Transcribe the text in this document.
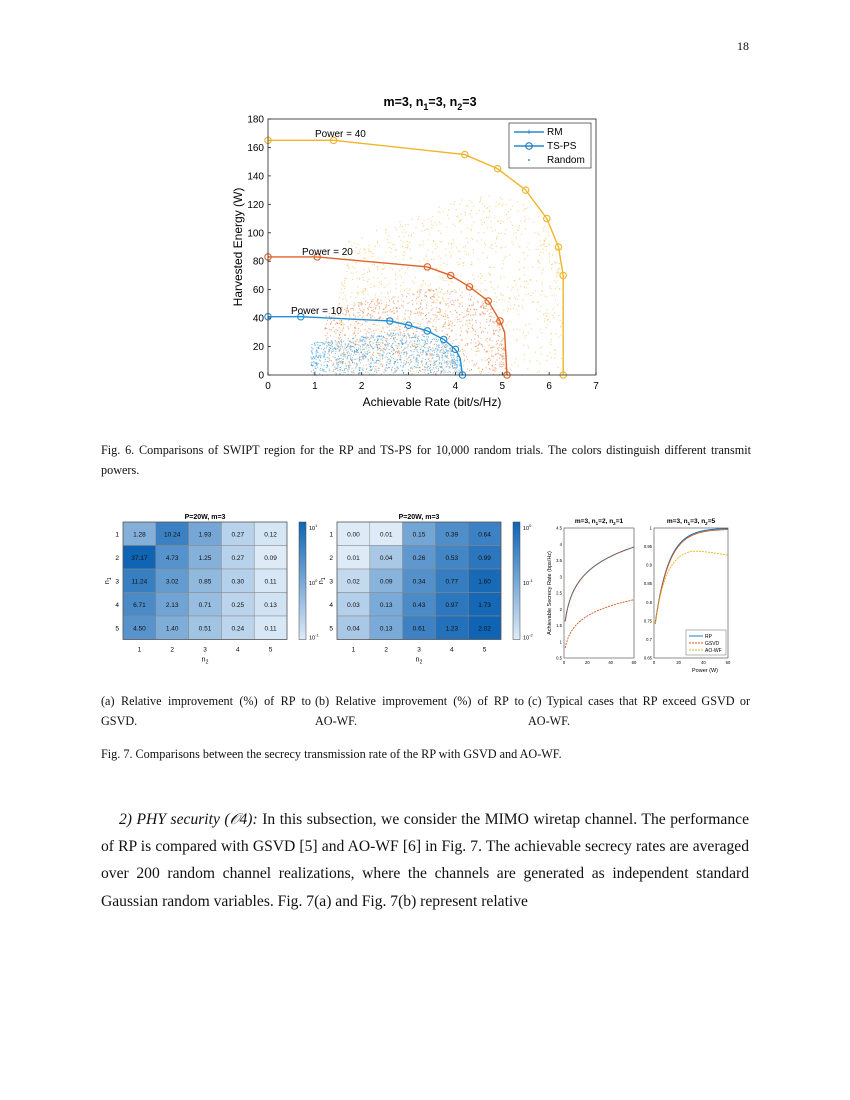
18
m=3, $n_1=3$, $n_2=3$
0	1	2	3	4	5	6	7
0
20
40
60
80
100
120
140
160
180
Achievable Rate (bit/s/Hz)
Harvested Energy (W)
Power = 40
Power = 20
Power = 10
+ RM
TS-PS
Random
Fig. 6. Comparisons of SWIPT region for the RP and TS-PS for 10,000 random trials. The colors distinguish different transmit powers.
P=20W, m=3
1.28	10.24	1.93	0.27	0.12
37.17	4.73	1.25	0.27	0.09
11.24	3.02	0.85	0.30	0.11
6.71	2.13	0.71	0.25	0.13
4.50	1.40	0.51	0.24	0.11
1
2
3
4
5
1	2	3	4	5
$n_2$
$n_1$
$10^1$
$10^0$
$10^{-1}$
P=20W, m=3
0.00	0.01	0.15	0.39	0.64
0.01	0.04	0.26	0.53	0.99
0.02	0.09	0.34	0.77	1.60
0.03	0.13	0.43	0.97	1.73
0.04	0.13	0.61	1.23	2.02
1
2
3
4
5
1	2	3	4	5
$n_2$
$n_1$
$10^0$
$10^{-1}$
$10^{-2}$
m=3, $n_1=2$, $n_2=1$
0.5
1
1.5
2
2.5
3
3.5
4
4.5
0	20	40	60
m=3, $n_1=3$, $n_2=5$
0.65
0.7
0.75
0.8
0.85
0.9
0.95
1
0	20	40	60
Achievable Secrecy Rate (bps/Hz)
Power (W)
RP
GSVD
AO-WF
(a) Relative improvement (%) of RP to GSVD.
(b) Relative improvement (%) of RP to AO-WF.
(c) Typical cases that RP exceed GSVD or AO-WF.
Fig. 7. Comparisons between the secrecy transmission rate of the RP with GSVD and AO-WF.
2) PHY security (𝒪4): In this subsection, we consider the MIMO wiretap channel. The performance of RP is compared with GSVD [5] and AO-WF [6] in Fig. 7. The achievable secrecy rates are averaged over 200 random channel realizations, where the channels are generated as independent standard Gaussian random variables. Fig. 7(a) and Fig. 7(b) represent relative
